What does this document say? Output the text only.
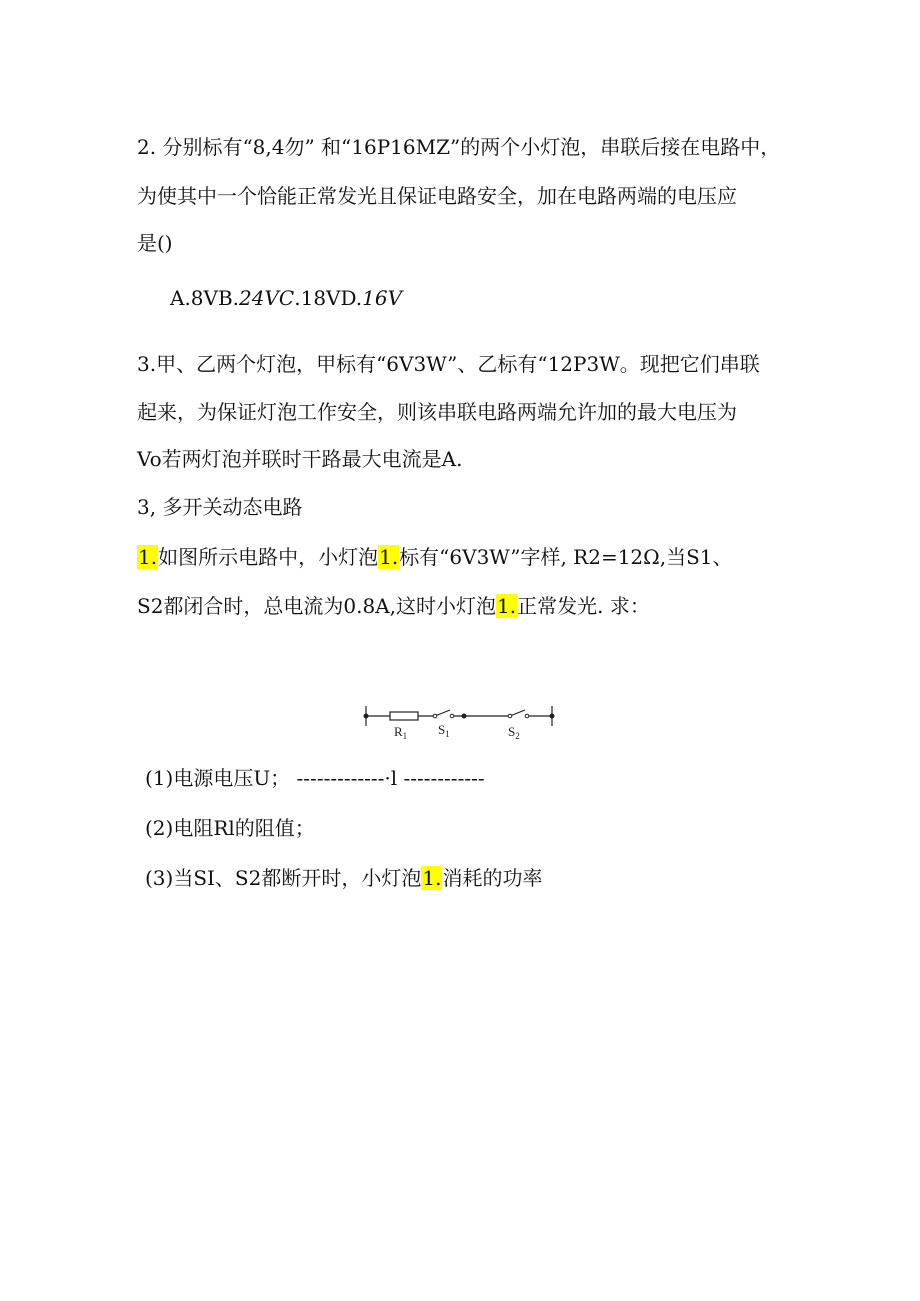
2. 分别标有“8,4勿” 和“16P16MZ”的两个小灯泡，串联后接在电路中，
为使其中一个恰能正常发光且保证电路安全，加在电路两端的电压应
是()
A.8VB.24VC.18VD.16V
3.甲、乙两个灯泡，甲标有“6V3W”、乙标有“12P3W。现把它们串联
起来，为保证灯泡工作安全，则该串联电路两端允许加的最大电压为
Vo若两灯泡并联时干路最大电流是A.
3, 多开关动态电路
1.如图所示电路中，小灯泡1.标有“6V3W”字样, R2=12Ω,当S1、
S2都闭合时，总电流为0.8A,这时小灯泡1.正常发光. 求：
$R_1$ $S_1$	$S_2$
(1)电源电压U； -------------·l ------------
(2)电阻Rl的阻值；
(3)当SI、S2都断开时，小灯泡1.消耗的功率
